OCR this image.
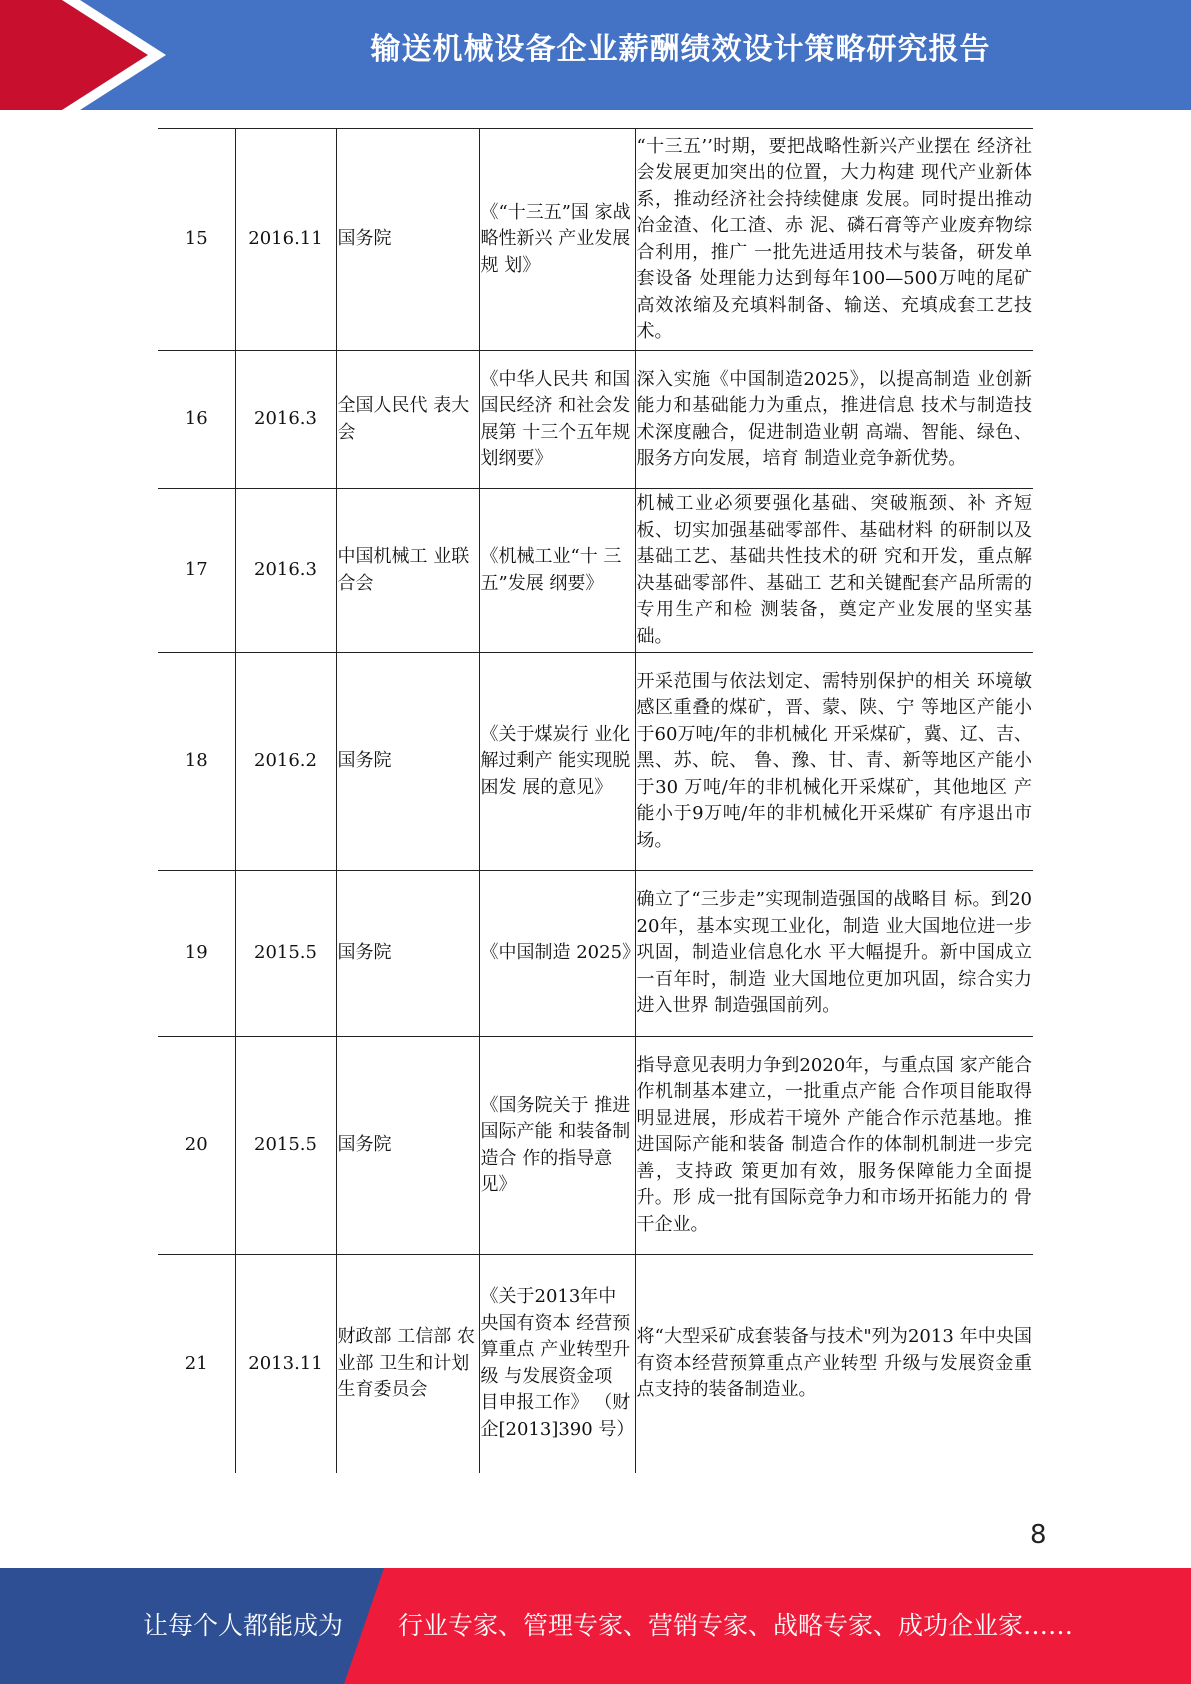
输送机械设备企业薪酬绩效设计策略研究报告
15	2016.11	国务院	《“十三五”国 家战略性新兴 产业发展规 划》	“十三五’’时期，要把战略性新兴产业摆在 经济社会发展更加突出的位置，大力构建 现代产业新体系，推动经济社会持续健康 发展。同时提出推动冶金渣、化工渣、赤 泥、磷石膏等产业废弃物综合利用，推广 一批先进适用技术与装备，研发单套设备 处理能力达到每年100—500万吨的尾矿 高效浓缩及充填料制备、输送、充填成套工艺技术。
16	2016.3	全国人民代 表大会	《中华人民共 和国国民经济 和社会发展第 十三个五年规 划纲要》	深入实施《中国制造2025》，以提高制造 业创新能力和基础能力为重点，推进信息 技术与制造技术深度融合，促进制造业朝 高端、智能、绿色、服务方向发展，培育 制造业竞争新优势。
17	2016.3	中国机械工 业联合会	《机械工业“十 三五”发展 纲要》	机械工业必须要强化基础、突破瓶颈、补 齐短板、切实加强基础零部件、基础材料 的研制以及基础工艺、基础共性技术的研 究和开发，重点解决基础零部件、基础工 艺和关键配套产品所需的专用生产和检 测装备，奠定产业发展的坚实基础。
18	2016.2	国务院	《关于煤炭行 业化解过剩产 能实现脱困发 展的意见》	开采范围与依法划定、需特别保护的相关 环境敏感区重叠的煤矿，晋、蒙、陕、宁 等地区产能小于60万吨/年的非机械化 开采煤矿，冀、辽、吉、黑、苏、皖、 鲁、豫、甘、青、新等地区产能小于30 万吨/年的非机械化开采煤矿，其他地区 产能小于9万吨/年的非机械化开采煤矿 有序退出市场。
19	2015.5	国务院	《中国制造 2025》	确立了“三步走”实现制造强国的战略目 标。到2020年，基本实现工业化，制造 业大国地位进一步巩固，制造业信息化水 平大幅提升。新中国成立一百年时，制造 业大国地位更加巩固，综合实力进入世界 制造强国前列。
20	2015.5	国务院	《国务院关于 推进国际产能 和装备制造合 作的指导意 见》	指导意见表明力争到2020年，与重点国 家产能合作机制基本建立，一批重点产能 合作项目能取得明显进展，形成若干境外 产能合作示范基地。推进国际产能和装备 制造合作的体制机制进一步完善，支持政 策更加有效，服务保障能力全面提升。形 成一批有国际竞争力和市场开拓能力的 骨干企业。
21	2013.11	财政部 工信部 农业部 卫生和计划 生育委员会	《关于2013年中央国有资本 经营预算重点 产业转型升级 与发展资金项 目申报工作》 （财企[2013]390 号）	将“大型采矿成套装备与技术"列为2013 年中央国有资本经营预算重点产业转型 升级与发展资金重点支持的装备制造业。
8
让每个人都能成为 行业专家、管理专家、营销专家、战略专家、成功企业家……
